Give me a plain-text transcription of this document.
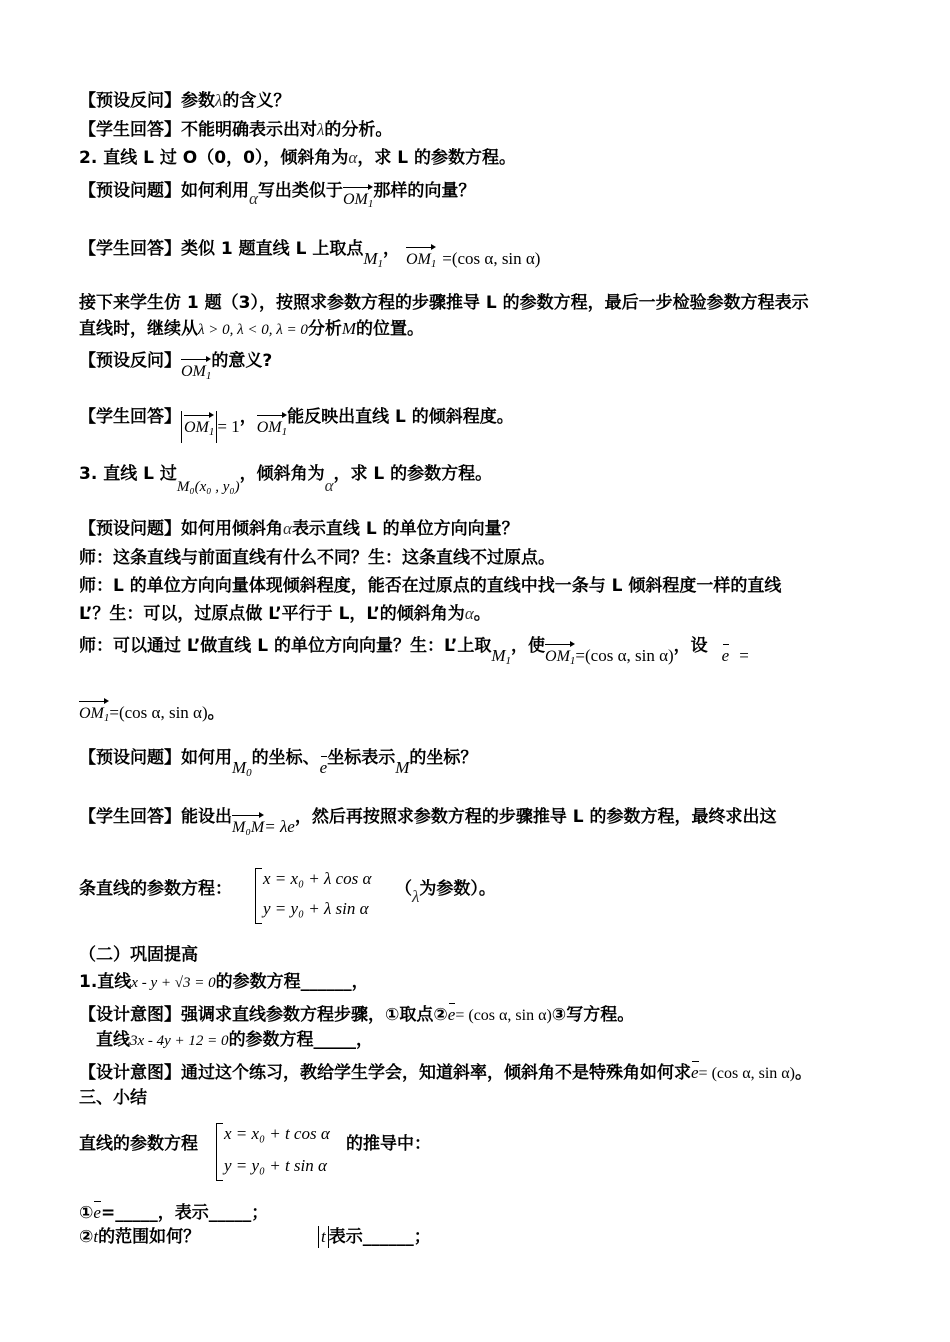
【预设反问】参数λ的含义？
【学生回答】不能明确表示出对λ的分析。
2. 直线 L 过 O（0，0），倾斜角为α，求 L 的参数方程。
【预设问题】如何利用α写出类似于$OM_1$那样的向量？
【学生回答】类似 1 题直线 L 上取点$M_1$， $OM_1 =(\cos$ α, sin α)
接下来学生仿 1 题（3），按照求参数方程的步骤推导 L 的参数方程，最后一步检验参数方程表示
直线时，继续从λ > 0, λ < 0, λ = 0分析M的位置。
【预设反问】$OM_1$的意义?
【学生回答】$OM_1 = 1$，$OM_1$能反映出直线 L 的倾斜程度。
3. 直线 L 过M₀(x₀ , y₀)，倾斜角为α，求 L 的参数方程。
【预设问题】如何用倾斜角α表示直线 L 的单位方向向量？
师：这条直线与前面直线有什么不同？生：这条直线不过原点。
师：L 的单位方向向量体现倾斜程度，能否在过原点的直线中找一条与 L 倾斜程度一样的直线
L’？生：可以，过原点做 L’平行于 L，L’的倾斜角为α。
师：可以通过 L’做直线 L 的单位方向向量？生：L’上取$M_1$，使$OM_1=(\cos$ α, sin α)，设 e =
$OM_1=(\cos$ α, sin α)。
【预设问题】如何用$M_0$的坐标、e坐标表示M的坐标？
【学生回答】能设出M₀M= λe，然后再按照求参数方程的步骤推导 L 的参数方程，最终求出这
条直线的参数方程：
x = x₀ + λ cos α
y = y₀ + λ sin α
（λ为参数）。
（二）巩固提高
1.直线x - y + √3 = 0的参数方程______，
【设计意图】强调求直线参数方程步骤，①取点②e= (cos α, sin α)③写方程。
直线3x - 4y + 12 = 0的参数方程_____，
【设计意图】通过这个练习，教给学生学会，知道斜率，倾斜角不是特殊角如何求e= (cos α, sin α)。
三、小结
直线的参数方程
x = x₀ + t cos α
y = y₀ + t sin α
的推导中：
①e=_____，表示_____；
②t的范围如何？	t 表示______；
